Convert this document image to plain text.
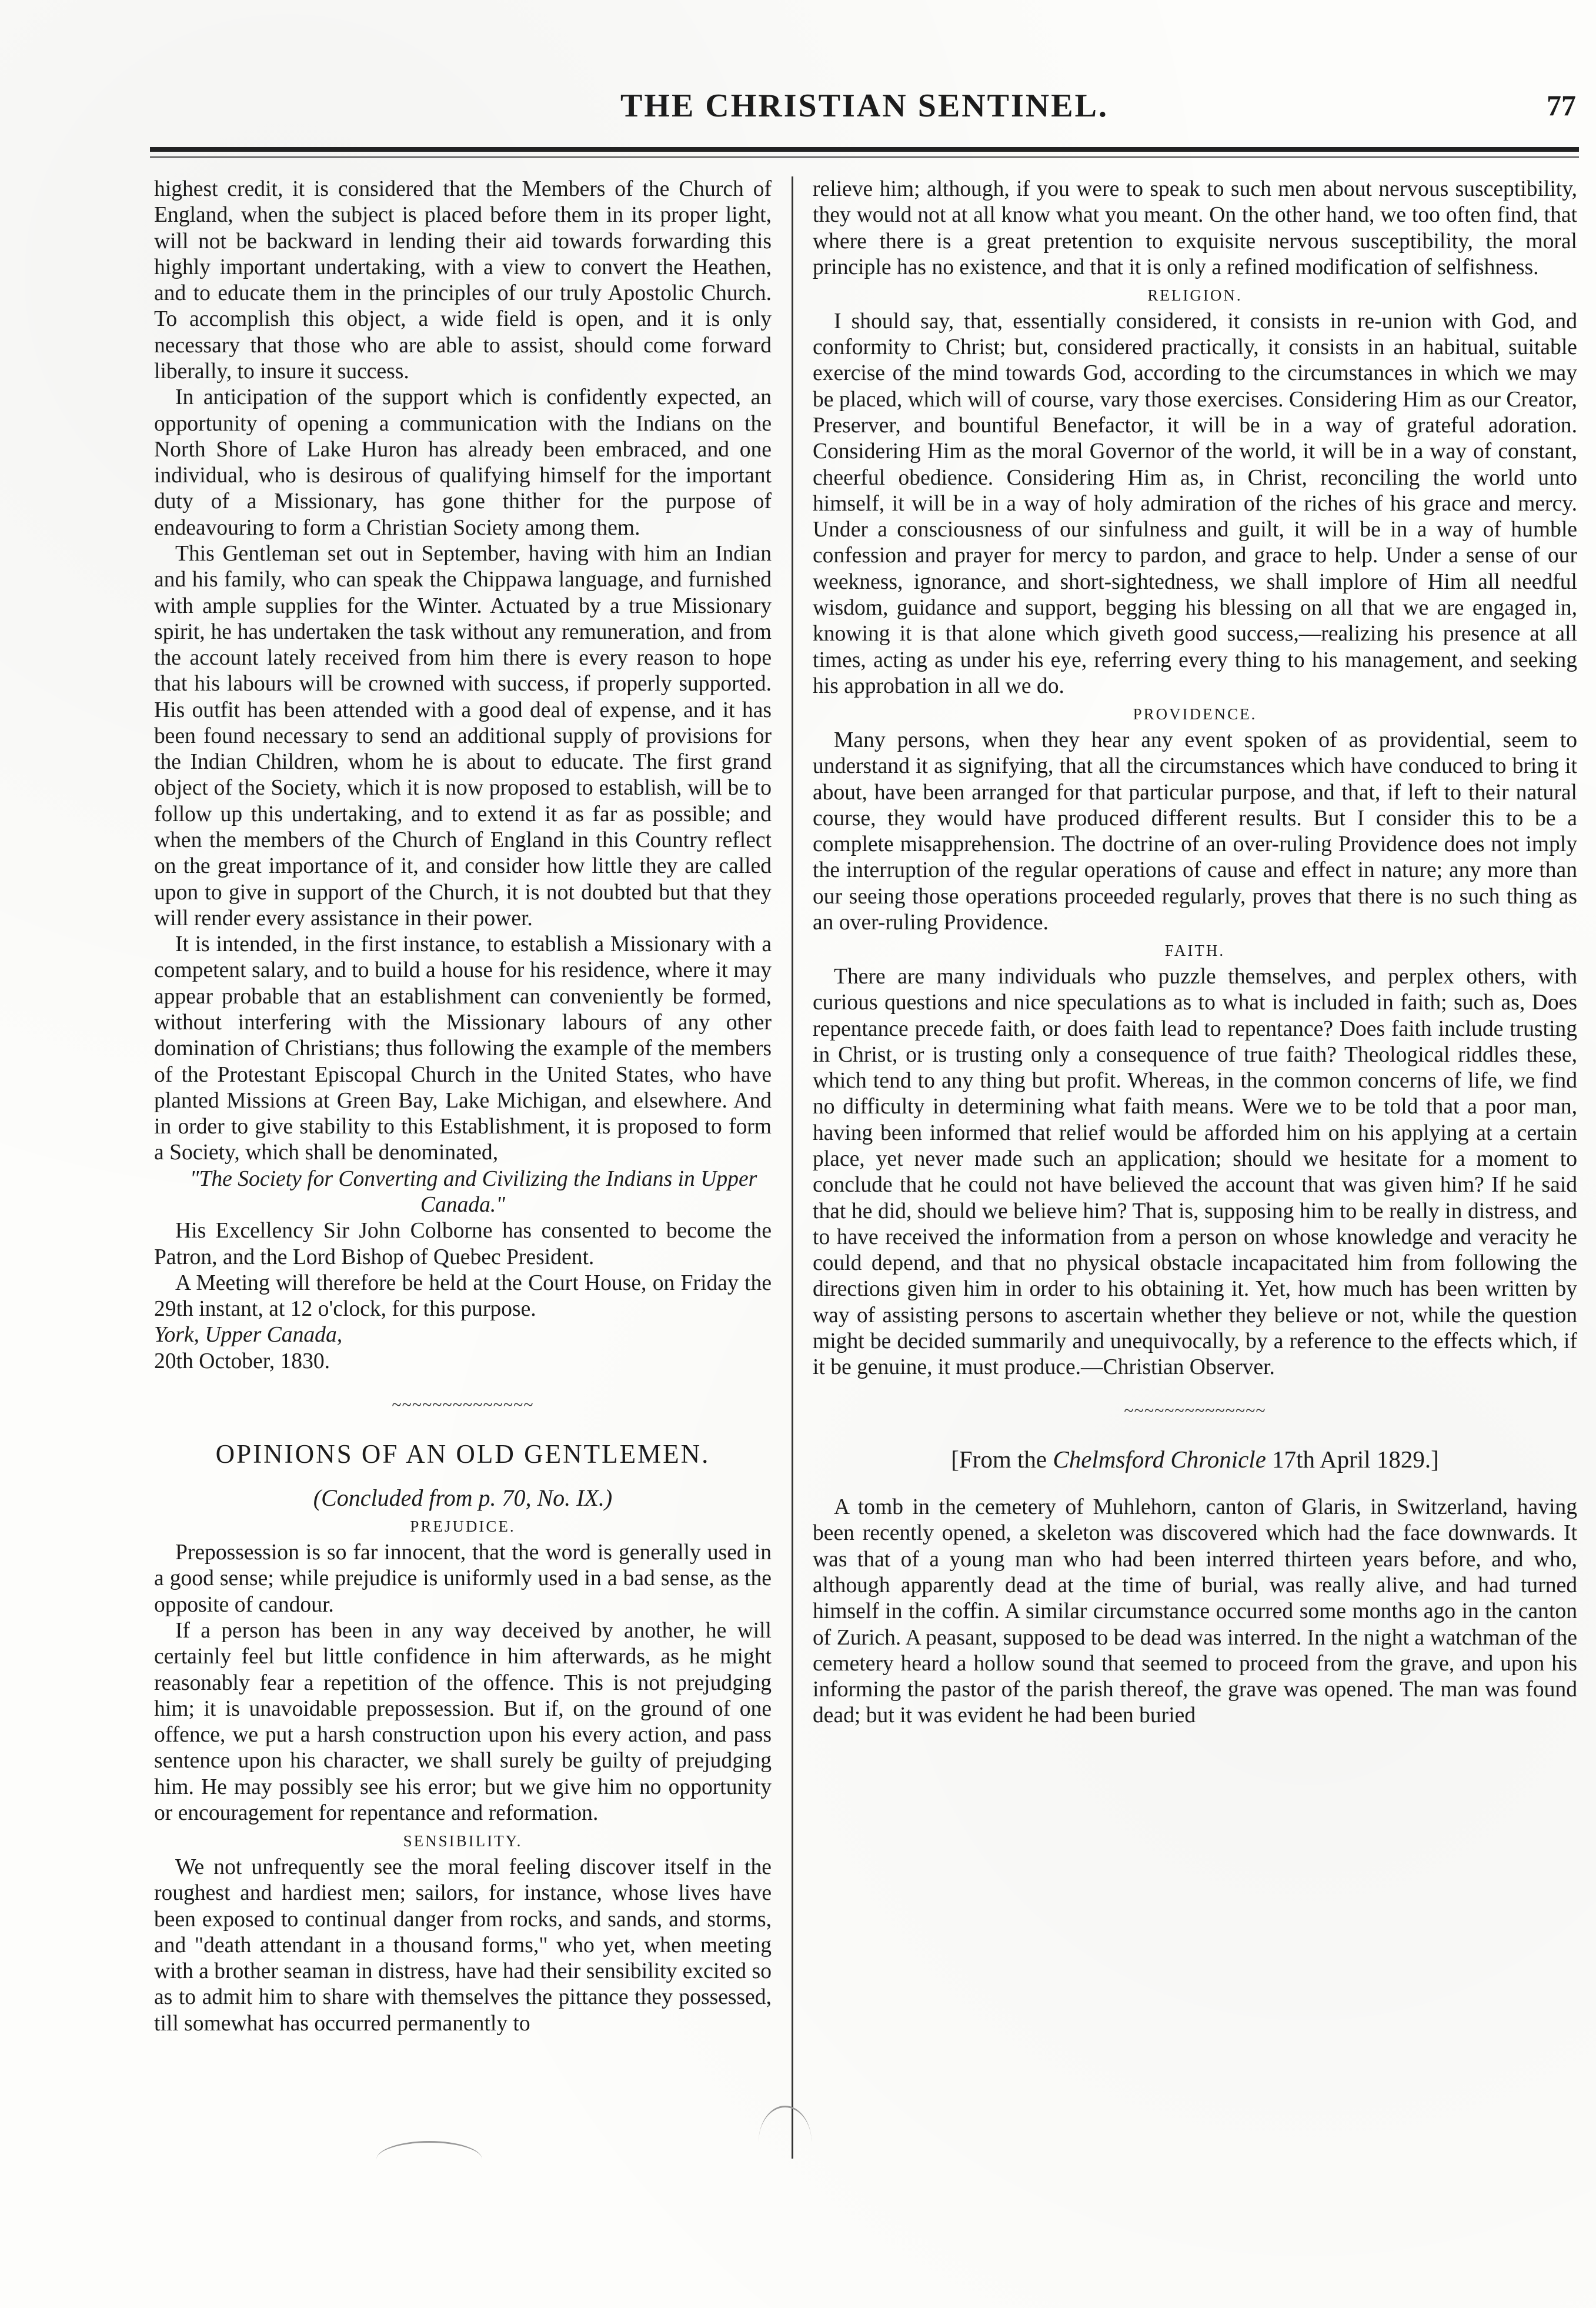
THE CHRISTIAN SENTINEL.	77

highest credit, it is considered that the Members of the Church of England, when the subject is placed before them in its proper light, will not be backward in lending their aid towards forwarding this highly important undertaking, with a view to convert the Heathen, and to educate them in the principles of our truly Apostolic Church. To accomplish this object, a wide field is open, and it is only necessary that those who are able to assist, should come forward liberally, to insure it success.

In anticipation of the support which is confidently expected, an opportunity of opening a communication with the Indians on the North Shore of Lake Huron has already been embraced, and one individual, who is desirous of qualifying himself for the important duty of a Missionary, has gone thither for the purpose of endeavouring to form a Christian Society among them.

This Gentleman set out in September, having with him an Indian and his family, who can speak the Chippawa language, and furnished with ample supplies for the Winter. Actuated by a true Missionary spirit, he has undertaken the task without any remuneration, and from the account lately received from him there is every reason to hope that his labours will be crowned with success, if properly supported. His outfit has been attended with a good deal of expense, and it has been found necessary to send an additional supply of provisions for the Indian Children, whom he is about to educate. The first grand object of the Society, which it is now proposed to establish, will be to follow up this undertaking, and to extend it as far as possible; and when the members of the Church of England in this Country reflect on the great importance of it, and consider how little they are called upon to give in support of the Church, it is not doubted but that they will render every assistance in their power.

It is intended, in the first instance, to establish a Missionary with a competent salary, and to build a house for his residence, where it may appear probable that an establishment can conveniently be formed, without interfering with the Missionary labours of any other domination of Christians; thus following the example of the members of the Protestant Episcopal Church in the United States, who have planted Missions at Green Bay, Lake Michigan, and elsewhere. And in order to give stability to this Establishment, it is proposed to form a Society, which shall be denominated,

"The Society for Converting and Civilizing the Indians in Upper Canada."

His Excellency Sir John Colborne has consented to become the Patron, and the Lord Bishop of Quebec President.

A Meeting will therefore be held at the Court House, on Friday the 29th instant, at 12 o'clock, for this purpose.

York, Upper Canada,

20th October, 1830.

~~~~~~~~~~~~~~
OPINIONS OF AN OLD GENTLEMEN.
(Concluded from p. 70, No. IX.)
PREJUDICE.

Prepossession is so far innocent, that the word is generally used in a good sense; while prejudice is uniformly used in a bad sense, as the opposite of candour.

If a person has been in any way deceived by another, he will certainly feel but little confidence in him afterwards, as he might reasonably fear a repetition of the offence. This is not prejudging him; it is unavoidable prepossession. But if, on the ground of one offence, we put a harsh construction upon his every action, and pass sentence upon his character, we shall surely be guilty of prejudging him. He may possibly see his error; but we give him no opportunity or encouragement for repentance and reformation.

SENSIBILITY.

We not unfrequently see the moral feeling discover itself in the roughest and hardiest men; sailors, for instance, whose lives have been exposed to continual danger from rocks, and sands, and storms, and "death attendant in a thousand forms," who yet, when meeting with a brother seaman in distress, have had their sensibility excited so as to admit him to share with themselves the pittance they possessed, till somewhat has occurred permanently to

relieve him; although, if you were to speak to such men about nervous susceptibility, they would not at all know what you meant. On the other hand, we too often find, that where there is a great pretention to exquisite nervous susceptibility, the moral principle has no existence, and that it is only a refined modification of selfishness.

RELIGION.

I should say, that, essentially considered, it consists in re-union with God, and conformity to Christ; but, considered practically, it consists in an habitual, suitable exercise of the mind towards God, according to the circumstances in which we may be placed, which will of course, vary those exercises. Considering Him as our Creator, Preserver, and bountiful Benefactor, it will be in a way of grateful adoration. Considering Him as the moral Governor of the world, it will be in a way of constant, cheerful obedience. Considering Him as, in Christ, reconciling the world unto himself, it will be in a way of holy admiration of the riches of his grace and mercy. Under a consciousness of our sinfulness and guilt, it will be in a way of humble confession and prayer for mercy to pardon, and grace to help. Under a sense of our weekness, ignorance, and short-sightedness, we shall implore of Him all needful wisdom, guidance and support, begging his blessing on all that we are engaged in, knowing it is that alone which giveth good success,—realizing his presence at all times, acting as under his eye, referring every thing to his management, and seeking his approbation in all we do.

PROVIDENCE.

Many persons, when they hear any event spoken of as providential, seem to understand it as signifying, that all the circumstances which have conduced to bring it about, have been arranged for that particular purpose, and that, if left to their natural course, they would have produced different results. But I consider this to be a complete misapprehension. The doctrine of an over-ruling Providence does not imply the interruption of the regular operations of cause and effect in nature; any more than our seeing those operations proceeded regularly, proves that there is no such thing as an over-ruling Providence.

FAITH.

There are many individuals who puzzle themselves, and perplex others, with curious questions and nice speculations as to what is included in faith; such as, Does repentance precede faith, or does faith lead to repentance? Does faith include trusting in Christ, or is trusting only a consequence of true faith? Theological riddles these, which tend to any thing but profit. Whereas, in the common concerns of life, we find no difficulty in determining what faith means. Were we to be told that a poor man, having been informed that relief would be afforded him on his applying at a certain place, yet never made such an application; should we hesitate for a moment to conclude that he could not have believed the account that was given him? If he said that he did, should we believe him? That is, supposing him to be really in distress, and to have received the information from a person on whose knowledge and veracity he could depend, and that no physical obstacle incapacitated him from following the directions given him in order to his obtaining it. Yet, how much has been written by way of assisting persons to ascertain whether they believe or not, while the question might be decided summarily and unequivocally, by a reference to the effects which, if it be genuine, it must produce.—Christian Observer.

~~~~~~~~~~~~~~
[From the Chelmsford Chronicle 17th April 1829.]

A tomb in the cemetery of Muhlehorn, canton of Glaris, in Switzerland, having been recently opened, a skeleton was discovered which had the face downwards. It was that of a young man who had been interred thirteen years before, and who, although apparently dead at the time of burial, was really alive, and had turned himself in the coffin. A similar circumstance occurred some months ago in the canton of Zurich. A peasant, supposed to be dead was interred. In the night a watchman of the cemetery heard a hollow sound that seemed to proceed from the grave, and upon his informing the pastor of the parish thereof, the grave was opened. The man was found dead; but it was evident he had been buried
